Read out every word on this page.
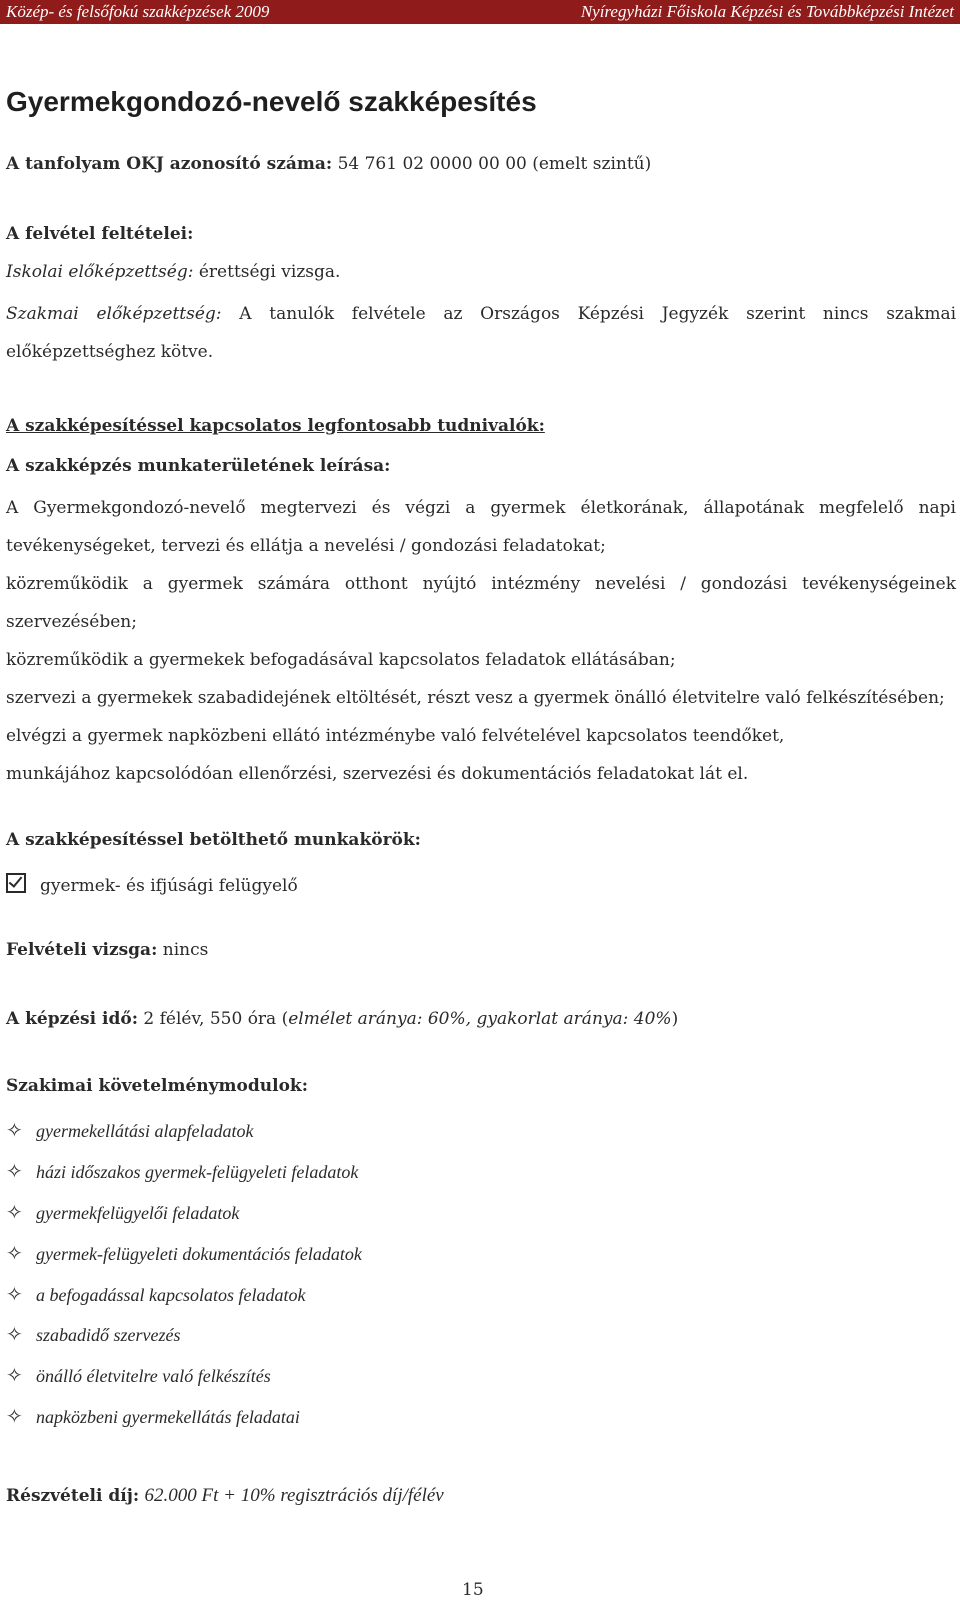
Közép- és felsőfokú szakképzések 2009	Nyíregyházi Főiskola Képzési és Továbbképzési Intézet
Gyermekgondozó-nevelő szakképesítés
A tanfolyam OKJ azonosító száma: 54 761 02 0000 00 00 (emelt szintű)
A felvétel feltételei:
Iskolai előképzettség: érettségi vizsga.
Szakmai előképzettség: A tanulók felvétele az Országos Képzési Jegyzék szerint nincs szakmai előképzettséghez kötve.
A szakképesítéssel kapcsolatos legfontosabb tudnivalók:
A szakképzés munkaterületének leírása:
A Gyermekgondozó-nevelő megtervezi és végzi a gyermek életkorának, állapotának megfelelő napi tevékenységeket, tervezi és ellátja a nevelési / gondozási feladatokat;
közreműködik a gyermek számára otthont nyújtó intézmény nevelési / gondozási tevékenységeinek szervezésében;
közreműködik a gyermekek befogadásával kapcsolatos feladatok ellátásában;
szervezi a gyermekek szabadidejének eltöltését, részt vesz a gyermek önálló életvitelre való felkészítésében;
elvégzi a gyermek napközbeni ellátó intézménybe való felvételével kapcsolatos teendőket,
munkájához kapcsolódóan ellenőrzési, szervezési és dokumentációs feladatokat lát el.
A szakképesítéssel betölthető munkakörök:
gyermek- és ifjúsági felügyelő
Felvételi vizsga: nincs
A képzési idő: 2 félév, 550 óra (elmélet aránya: 60%, gyakorlat aránya: 40%)
Szakimai követelménymodulok:
✧ gyermekellátási alapfeladatok
✧ házi időszakos gyermek-felügyeleti feladatok
✧ gyermekfelügyelői feladatok
✧ gyermek-felügyeleti dokumentációs feladatok
✧ a befogadással kapcsolatos feladatok
✧ szabadidő szervezés
✧ önálló életvitelre való felkészítés
✧ napközbeni gyermekellátás feladatai
Részvételi díj: 62.000 Ft + 10% regisztrációs díj/félév
15
